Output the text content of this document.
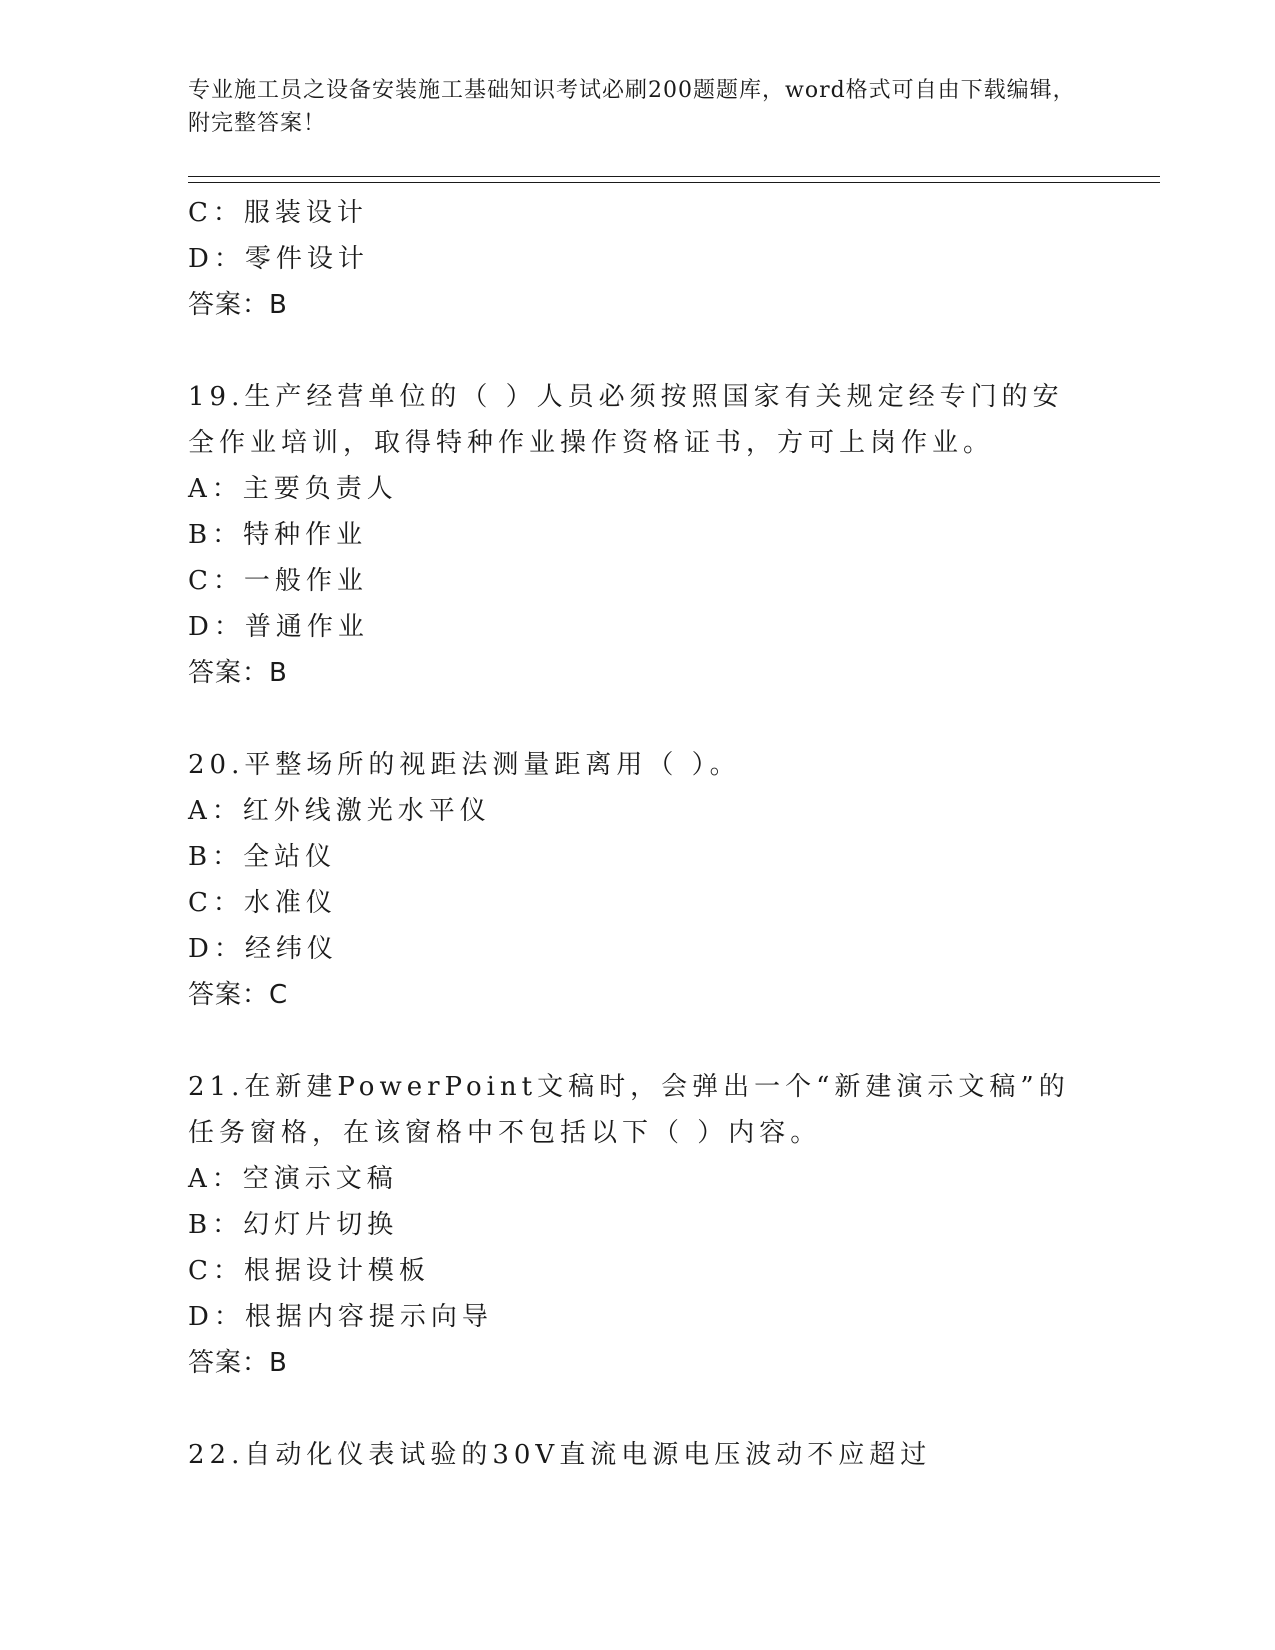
专业施工员之设备安装施工基础知识考试必刷200题题库，word格式可自由下载编辑，附完整答案！
C：服装设计
D：零件设计
答案：B
19.生产经营单位的（ ）人员必须按照国家有关规定经专门的安全作业培训，取得特种作业操作资格证书，方可上岗作业。
A：主要负责人
B：特种作业
C：一般作业
D：普通作业
答案：B
20.平整场所的视距法测量距离用（ ）。
A：红外线激光水平仪
B：全站仪
C：水准仪
D：经纬仪
答案：C
21.在新建PowerPoint文稿时，会弹出一个“新建演示文稿”的任务窗格，在该窗格中不包括以下（ ）内容。
A：空演示文稿
B：幻灯片切换
C：根据设计模板
D：根据内容提示向导
答案：B
22.自动化仪表试验的30V直流电源电压波动不应超过
